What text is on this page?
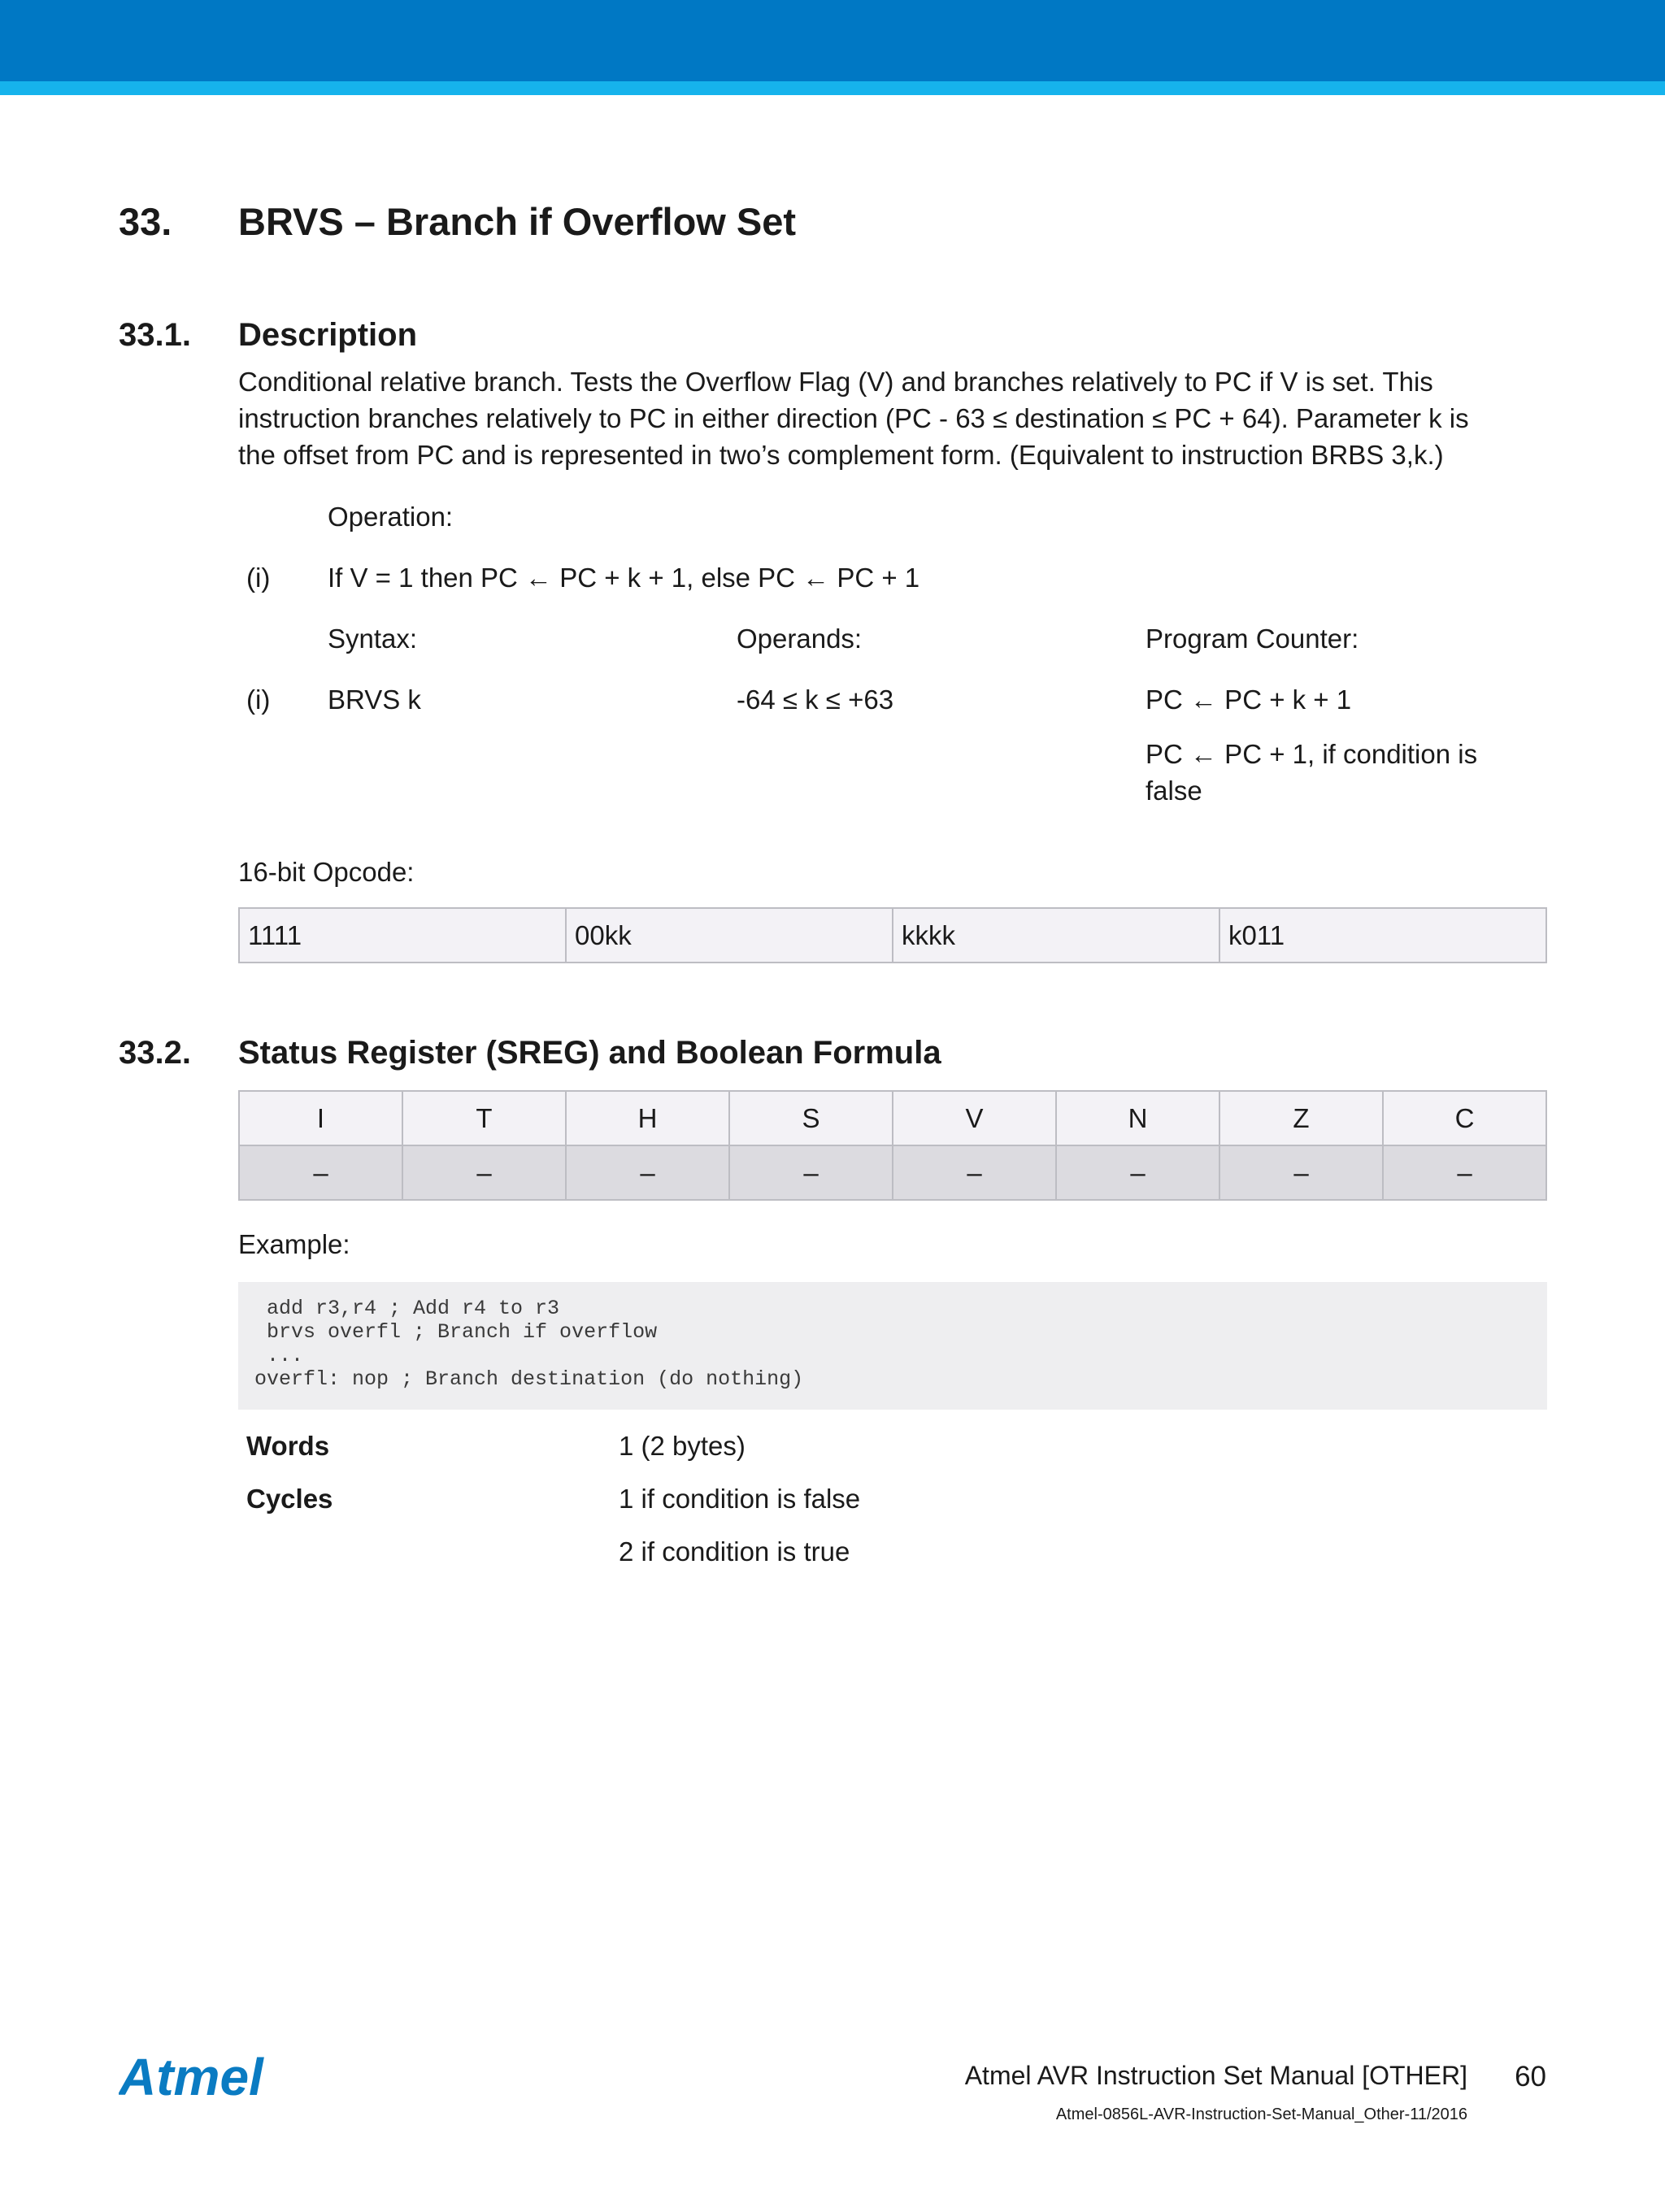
33. BRVS – Branch if Overflow Set
33.1. Description
Conditional relative branch. Tests the Overflow Flag (V) and branches relatively to PC if V is set. This
instruction branches relatively to PC in either direction (PC - 63 ≤ destination ≤ PC + 64). Parameter k is
the offset from PC and is represented in two’s complement form. (Equivalent to instruction BRBS 3,k.)
Operation:
(i) If V = 1 then PC ← PC + k + 1, else PC ← PC + 1
Syntax:	Operands:	Program Counter:
(i) BRVS k	-64 ≤ k ≤ +63	PC ← PC + k + 1
PC ← PC + 1, if condition is
false
16-bit Opcode:
1111	00kk	kkkk	k011
33.2. Status Register (SREG) and Boolean Formula
I	T	H	S	V	N	Z	C
–	–	–	–	–	–	–	–
Example:
add r3,r4 ; Add r4 to r3
brvs overfl ; Branch if overflow
...
overfl: nop ; Branch destination (do nothing)
Words	1 (2 bytes)
Cycles	1 if condition is false
2 if condition is true
Atmel	Atmel AVR Instruction Set Manual [OTHER] 60
Atmel-0856L-AVR-Instruction-Set-Manual_Other-11/2016
